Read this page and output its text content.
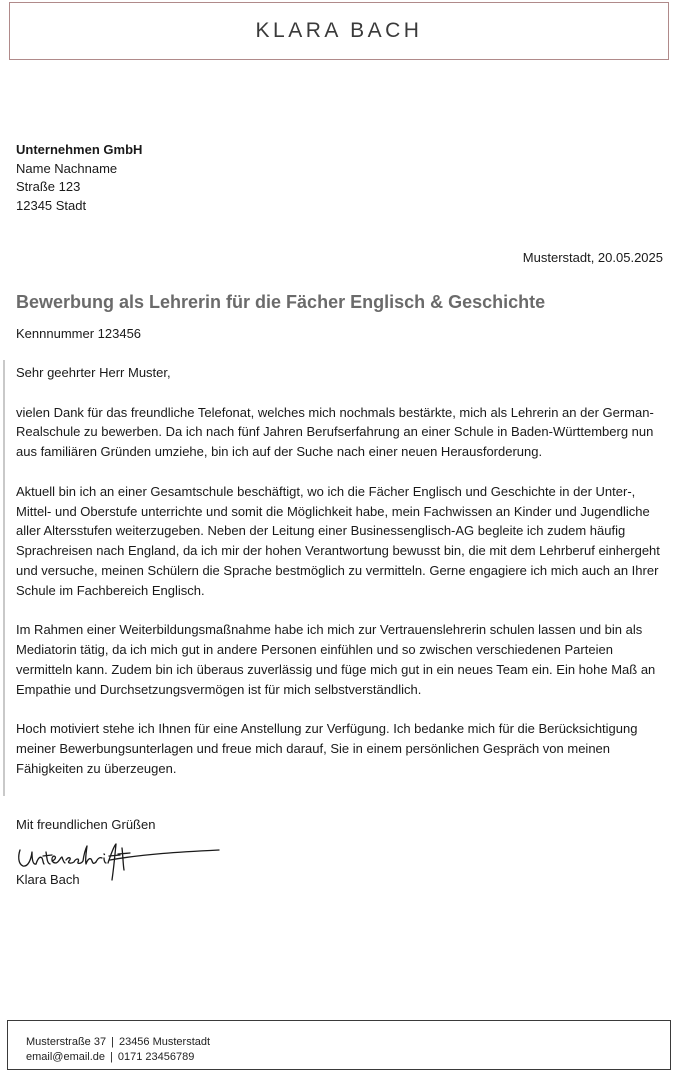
KLARA BACH
Unternehmen GmbH
Name Nachname
Straße 123
12345 Stadt
Musterstadt, 20.05.2025
Bewerbung als Lehrerin für die Fächer Englisch & Geschichte
Kennnummer 123456

Sehr geehrter Herr Muster,

vielen Dank für das freundliche Telefonat, welches mich nochmals bestärkte, mich als Lehrerin an der German-Realschule zu bewerben. Da ich nach fünf Jahren Berufserfahrung an einer Schule in Baden-Württemberg nun aus familiären Gründen umziehe, bin ich auf der Suche nach einer neuen Herausforderung.

Aktuell bin ich an einer Gesamtschule beschäftigt, wo ich die Fächer Englisch und Geschichte in der Unter-, Mittel- und Oberstufe unterrichte und somit die Möglichkeit habe, mein Fachwissen an Kinder und Jugendliche aller Altersstufen weiterzugeben. Neben der Leitung einer Businessenglisch-AG begleite ich zudem häufig Sprachreisen nach England, da ich mir der hohen Verantwortung bewusst bin, die mit dem Lehrberuf einhergeht und versuche, meinen Schülern die Sprache bestmöglich zu vermitteln. Gerne engagiere ich mich auch an Ihrer Schule im Fachbereich Englisch.

Im Rahmen einer Weiterbildungsmaßnahme habe ich mich zur Vertrauenslehrerin schulen lassen und bin als Mediatorin tätig, da ich mich gut in andere Personen einfühlen und so zwischen verschiedenen Parteien vermitteln kann. Zudem bin ich überaus zuverlässig und füge mich gut in ein neues Team ein. Ein hohe Maß an Empathie und Durchsetzungsvermögen ist für mich selbstverständlich.

Hoch motiviert stehe ich Ihnen für eine Anstellung zur Verfügung. Ich bedanke mich für die Berücksichtigung meiner Bewerbungsunterlagen und freue mich darauf, Sie in einem persönlichen Gespräch von meinen Fähigkeiten zu überzeugen.

Mit freundlichen Grüßen
Klara Bach
Musterstraße 37 | 23456 Musterstadt
email@email.de | 0171 23456789
